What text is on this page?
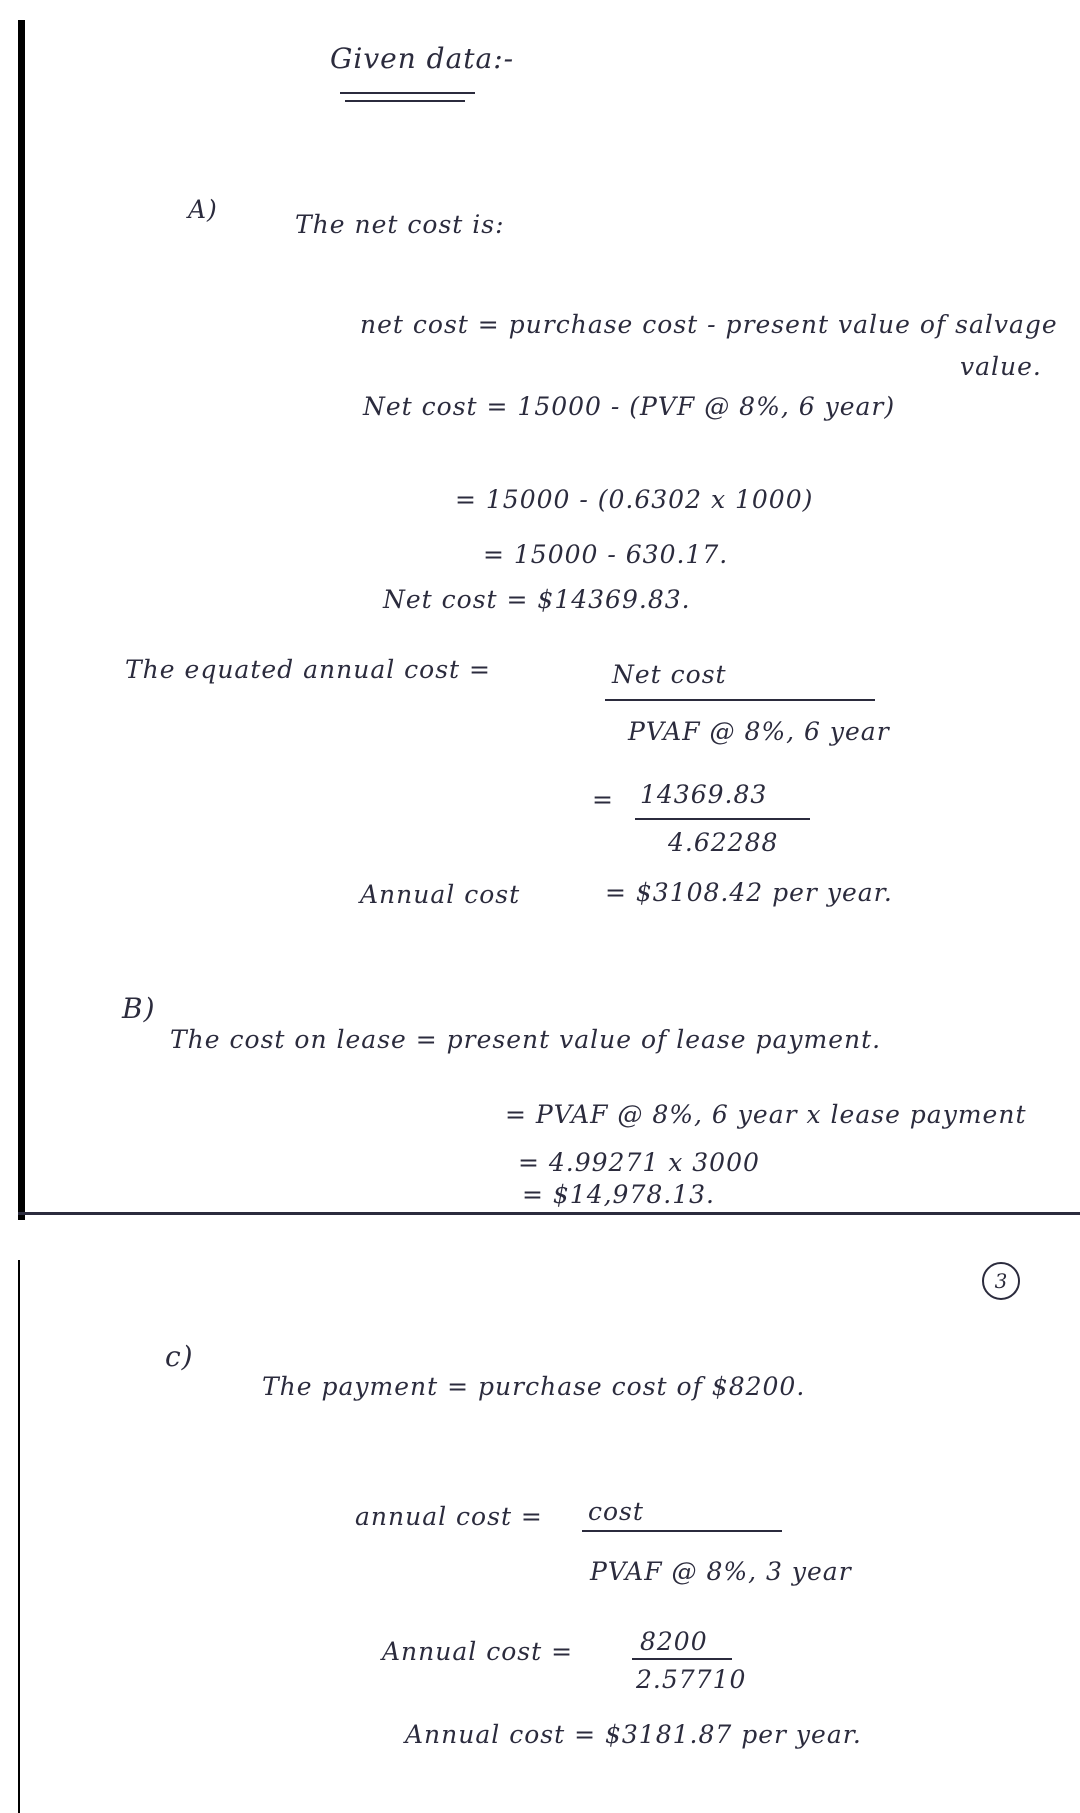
Given data:-
A)
The net cost is:
net cost = purchase cost - present value of salvage
value.
Net cost = 15000 - (PVF @ 8%, 6 year)
= 15000 - (0.6302 x 1000)
= 15000 - 630.17.
Net cost = $14369.83.
The equated annual cost =	Net cost
PVAF @ 8%, 6 year
= 14369.83
4.62288
Annual cost	= $3108.42 per year.
B)
The cost on lease = present value of lease payment.
= PVAF @ 8%, 6 year x lease payment
= 4.99271 x 3000
= $14,978.13.
3
c)
The payment = purchase cost of $8200.
annual cost = cost
PVAF @ 8%, 3 year
Annual cost =	8200
2.57710
Annual cost = $3181.87 per year.
